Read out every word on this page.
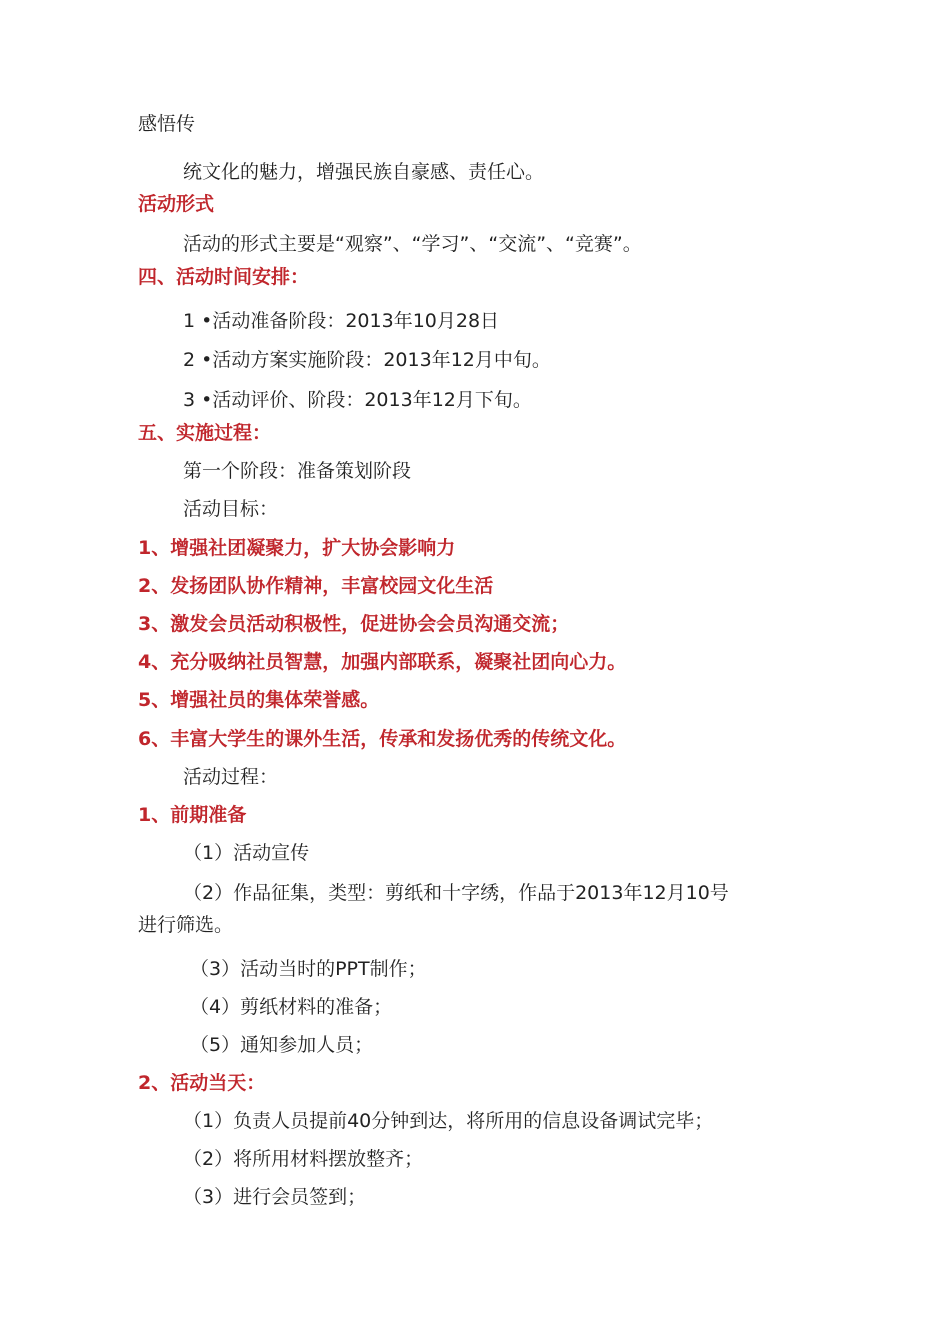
感悟传
统文化的魅力，增强民族自豪感、责任心。
活动形式
活动的形式主要是“观察”、“学习”、“交流”、“竞赛”。
四、活动时间安排：
1 •活动准备阶段：2013年10月28日
2 •活动方案实施阶段：2013年12月中旬。
3 •活动评价、阶段：2013年12月下旬。
五、实施过程：
第一个阶段：准备策划阶段
活动目标：
1、增强社团凝聚力，扩大协会影响力
2、发扬团队协作精神，丰富校园文化生活
3、激发会员活动积极性，促进协会会员沟通交流；
4、充分吸纳社员智慧，加强内部联系，凝聚社团向心力。
5、增强社员的集体荣誉感。
6、丰富大学生的课外生活，传承和发扬优秀的传统文化。
活动过程：
1、前期准备
（1）活动宣传
（2）作品征集，类型：剪纸和十字绣，作品于2013年12月10号
进行筛选。
（3）活动当时的PPT制作；
（4）剪纸材料的准备；
（5）通知参加人员；
2、活动当天：
（1）负责人员提前40分钟到达，将所用的信息设备调试完毕；
（2）将所用材料摆放整齐；
（3）进行会员签到；
